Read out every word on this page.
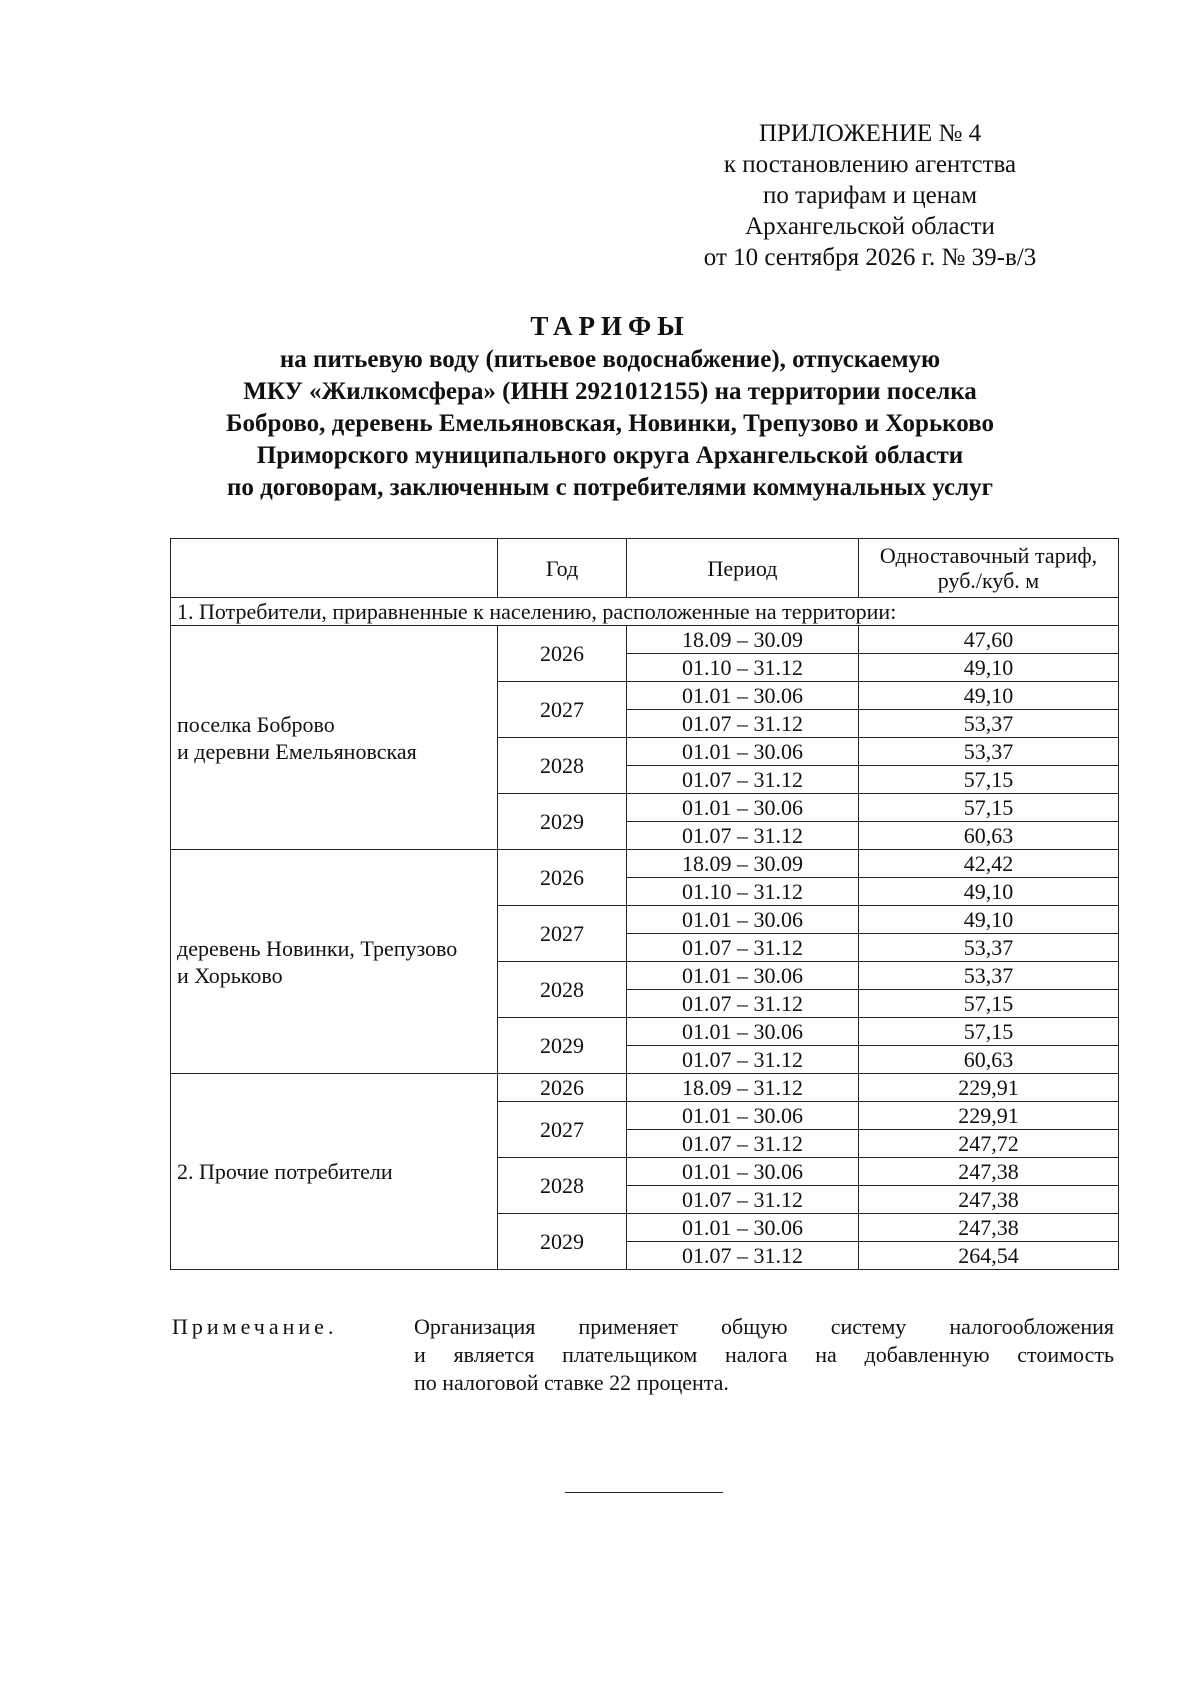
ПРИЛОЖЕНИЕ № 4
к постановлению агентства
по тарифам и ценам
Архангельской области
от 10 сентября 2026 г. № 39-в/3
ТАРИФЫ
на питьевую воду (питьевое водоснабжение), отпускаемую
МКУ «Жилкомсфера» (ИНН 2921012155) на территории поселка
Боброво, деревень Емельяновская, Новинки, Трепузово и Хорьково
Приморского муниципального округа Архангельской области
по договорам, заключенным с потребителями коммунальных услуг
	Год	Период	Одноставочный тариф,
руб./куб. м

1. Потребители, приравненные к населению, расположенные на территории:			

поселка Боброво
и деревни Емельяновская	2026	18.09 – 30.09	47,60
		01.10 – 31.12	49,10
	2027	01.01 – 30.06	49,10
		01.07 – 31.12	53,37
	2028	01.01 – 30.06	53,37
		01.07 – 31.12	57,15
	2029	01.01 – 30.06	57,15
		01.07 – 31.12	60,63

деревень Новинки, Трепузово
и Хорьково	2026	18.09 – 30.09	42,42
		01.10 – 31.12	49,10
	2027	01.01 – 30.06	49,10
		01.07 – 31.12	53,37
	2028	01.01 – 30.06	53,37
		01.07 – 31.12	57,15
	2029	01.01 – 30.06	57,15
		01.07 – 31.12	60,63
2. Прочие потребители	2026	18.09 – 31.12	229,91
	2027	01.01 – 30.06	229,91
		01.07 – 31.12	247,72
	2028	01.01 – 30.06	247,38
		01.07 – 31.12	247,38
	2029	01.01 – 30.06	247,38
		01.07 – 31.12	264,54
Примечание.	Организация применяет общую систему налогообложения
и является плательщиком налога на добавленную стоимость
по налоговой ставке 22 процента.
